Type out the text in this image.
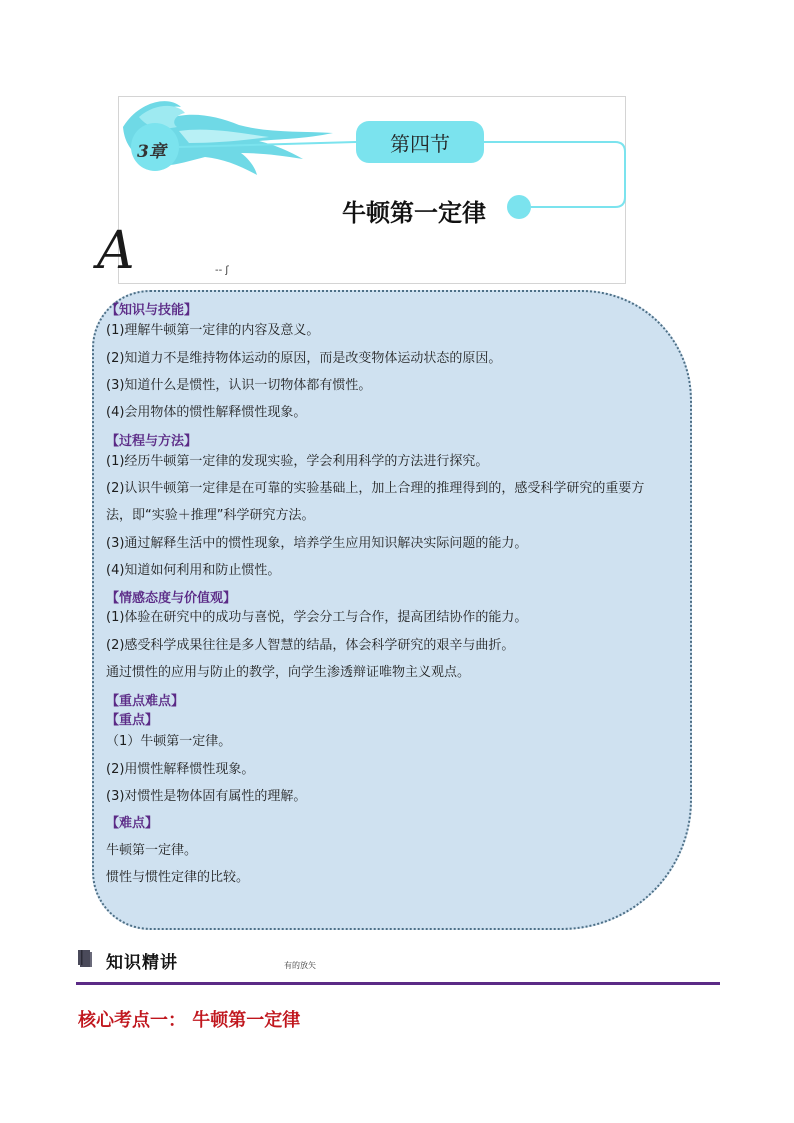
3章	第四节
牛顿第一定律
A	-- ʃ
【知识与技能】
(1)理解牛顿第一定律的内容及意义。
(2)知道力不是维持物体运动的原因，而是改变物体运动状态的原因。
(3)知道什么是惯性，认识一切物体都有惯性。
(4)会用物体的惯性解释惯性现象。
【过程与方法】
(1)经历牛顿第一定律的发现实验，学会利用科学的方法进行探究。
(2)认识牛顿第一定律是在可靠的实验基础上，加上合理的推理得到的，感受科学研究的重要方
法，即“实验＋推理”科学研究方法。
(3)通过解释生活中的惯性现象，培养学生应用知识解决实际问题的能力。
(4)知道如何利用和防止惯性。
【情感态度与价值观】
(1)体验在研究中的成功与喜悦，学会分工与合作，提高团结协作的能力。
(2)感受科学成果往往是多人智慧的结晶，体会科学研究的艰辛与曲折。
通过惯性的应用与防止的教学，向学生渗透辩证唯物主义观点。
【重点难点】
【重点】
（1）牛顿第一定律。
(2)用惯性解释惯性现象。
(3)对惯性是物体固有属性的理解。
【难点】
牛顿第一定律。
惯性与惯性定律的比较。
知识精讲	有的放矢
核心考点一： 牛顿第一定律
